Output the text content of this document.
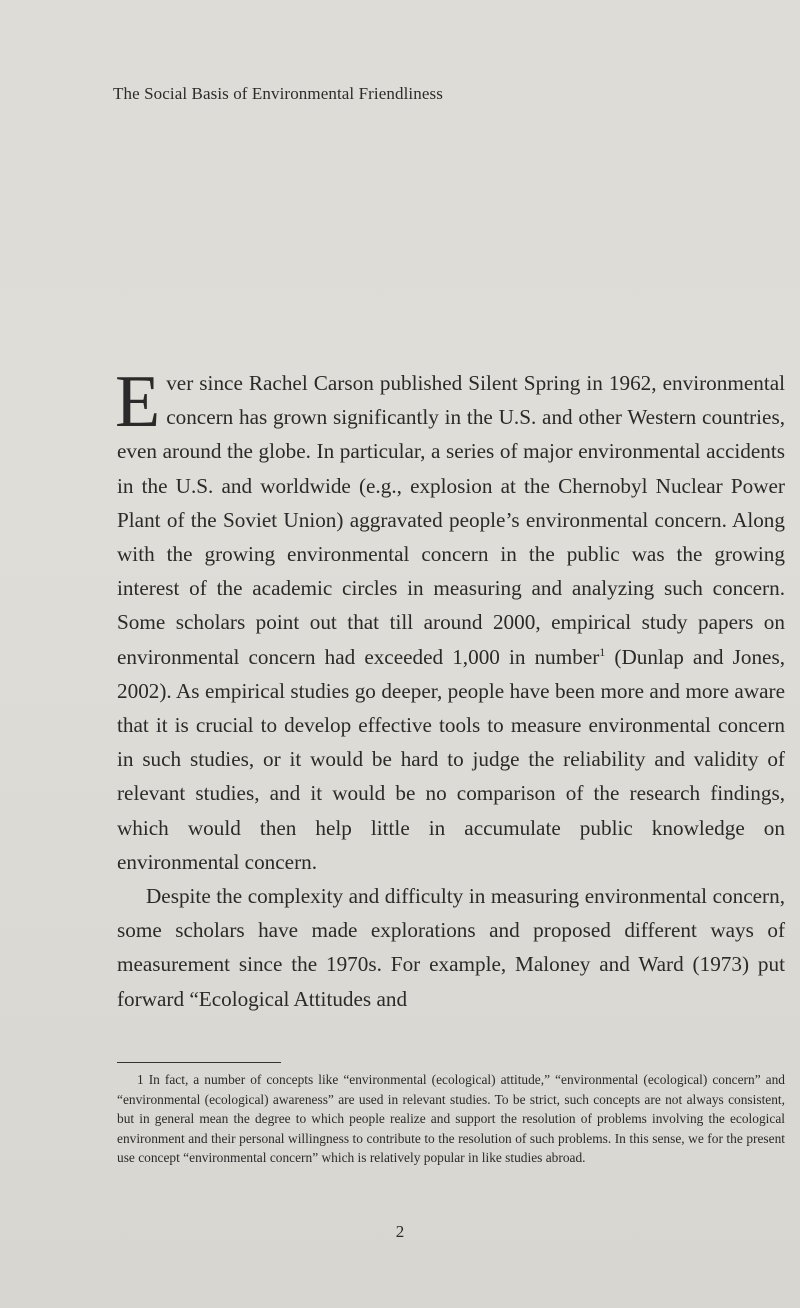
The Social Basis of Environmental Friendliness

Ever since Rachel Carson published Silent Spring in 1962, environmental concern has grown significantly in the U.S. and other Western countries, even around the globe. In particular, a series of major environmental accidents in the U.S. and worldwide (e.g., explosion at the Chernobyl Nuclear Power Plant of the Soviet Union) aggravated people’s environmental concern. Along with the growing environmental concern in the public was the growing interest of the academic circles in measuring and analyzing such concern. Some scholars point out that till around 2000, empirical study papers on environmental concern had exceeded 1,000 in number$^1$ (Dunlap and Jones, 2002). As empirical studies go deeper, people have been more and more aware that it is crucial to develop effective tools to measure environmental concern in such studies, or it would be hard to judge the reliability and validity of relevant studies, and it would be no comparison of the research findings, which would then help little in accumulate public knowledge on environmental concern.

Despite the complexity and difficulty in measuring environmental concern, some scholars have made explorations and proposed different ways of measurement since the 1970s. For example, Maloney and Ward (1973) put forward “Ecological Attitudes and

1 In fact, a number of concepts like “environmental (ecological) attitude,” “environmental (ecological) concern” and “environmental (ecological) awareness” are used in relevant studies. To be strict, such concepts are not always consistent, but in general mean the degree to which people realize and support the resolution of problems involving the ecological environment and their personal willingness to contribute to the resolution of such problems. In this sense, we for the present use concept “environmental concern” which is relatively popular in like studies abroad.
2
